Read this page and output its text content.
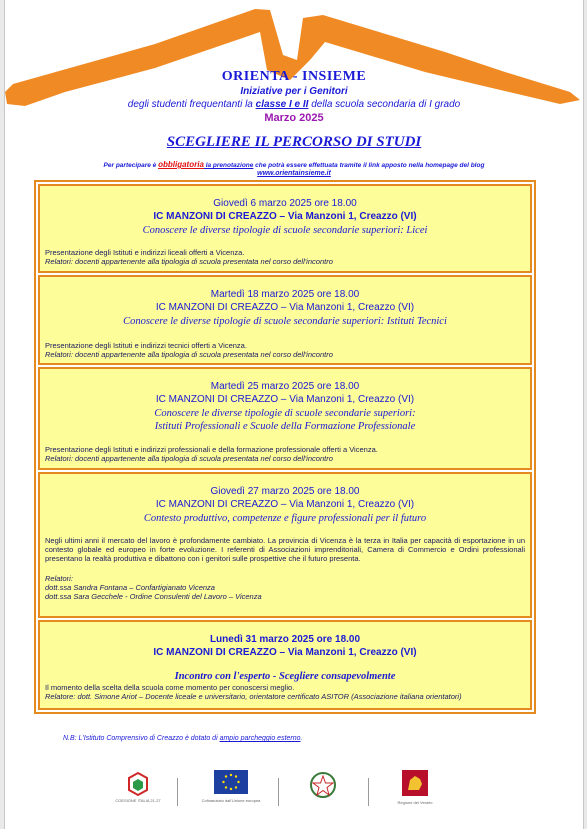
ORIENTA - INSIEME
Iniziative per i Genitori
degli studenti frequentanti la classe I e II della scuola secondaria di I grado
Marzo 2025
SCEGLIERE IL PERCORSO DI STUDI
Per partecipare è obbligatoria la prenotazione che potrà essere effettuata tramite il link apposto nella homepage del blog
www.orientainsieme.it
Giovedì 6 marzo 2025 ore 18.00
IC MANZONI DI CREAZZO – Via Manzoni 1, Creazzo (VI)
Conoscere le diverse tipologie di scuole secondarie superiori: Licei
Presentazione degli Istituti e indirizzi liceali offerti a Vicenza.
Relatori: docenti appartenente alla tipologia di scuola presentata nel corso dell'incontro
Martedì 18 marzo 2025 ore 18.00
IC MANZONI DI CREAZZO – Via Manzoni 1, Creazzo (VI)
Conoscere le diverse tipologie di scuole secondarie superiori: Istituti Tecnici
Presentazione degli Istituti e indirizzi tecnici offerti a Vicenza.
Relatori: docenti appartenente alla tipologia di scuola presentata nel corso dell'incontro
Martedì 25 marzo 2025 ore 18.00
IC MANZONI DI CREAZZO – Via Manzoni 1, Creazzo (VI)
Conoscere le diverse tipologie di scuole secondarie superiori:
Istituti Professionali e Scuole della Formazione Professionale
Presentazione degli Istituti e indirizzi professionali e della formazione professionale offerti a Vicenza.
Relatori: docenti appartenente alla tipologia di scuola presentata nel corso dell'incontro
Giovedì 27 marzo 2025 ore 18.00
IC MANZONI DI CREAZZO – Via Manzoni 1, Creazzo (VI)
Contesto produttivo, competenze e figure professionali per il futuro
Negli ultimi anni il mercato del lavoro è profondamente cambiato. La provincia di Vicenza è la terza in Italia per capacità di esportazione in un contesto globale ed europeo in forte evoluzione. I referenti di Associazioni imprenditoriali, Camera di Commercio e Ordini professionali presentano la realtà produttiva e dibattono con i genitori sulle prospettive che il futuro presenta.
Relatori:
dott.ssa Sandra Fontana – Confartigianato Vicenza
dott.ssa Sara Gecchele - Ordine Consulenti del Lavoro – Vicenza
Lunedì 31 marzo 2025 ore 18.00
IC MANZONI DI CREAZZO – Via Manzoni 1, Creazzo (VI)
Incontro con l'esperto - Scegliere consapevolmente
Il momento della scelta della scuola come momento per conoscersi meglio.
Relatore: dott. Simone Ariot – Docente liceale e universitario, orientatore certificato ASITOR (Associazione italiana orientatori)
N.B: L'Istituto Comprensivo di Creazzo è dotato di ampio parcheggio esterno.
COESIONE ITALIA 21-27	Cofinanziato dall'Unione europea	Regione del Veneto
